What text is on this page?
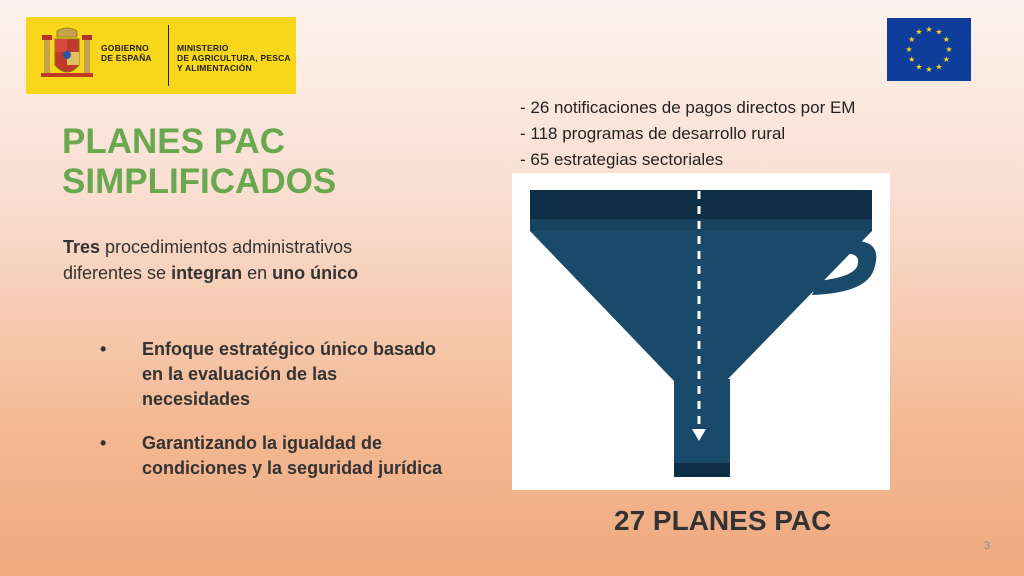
GOBIERNO
DE ESPAÑA
MINISTERIO
DE AGRICULTURA, PESCA
Y ALIMENTACIÓN
★ ★
★
★
★
★
★
★
★
★
★
★
PLANES PAC
SIMPLIFICADOS
Tres procedimientos administrativos diferentes se integran en uno único
• Enfoque estratégico único basado en la evaluación de las necesidades
• Garantizando la igualdad de condiciones y la seguridad jurídica
- 26 notificaciones de pagos directos por EM
- 118 programas de desarrollo rural
- 65 estrategias sectoriales
27 PLANES PAC
3
